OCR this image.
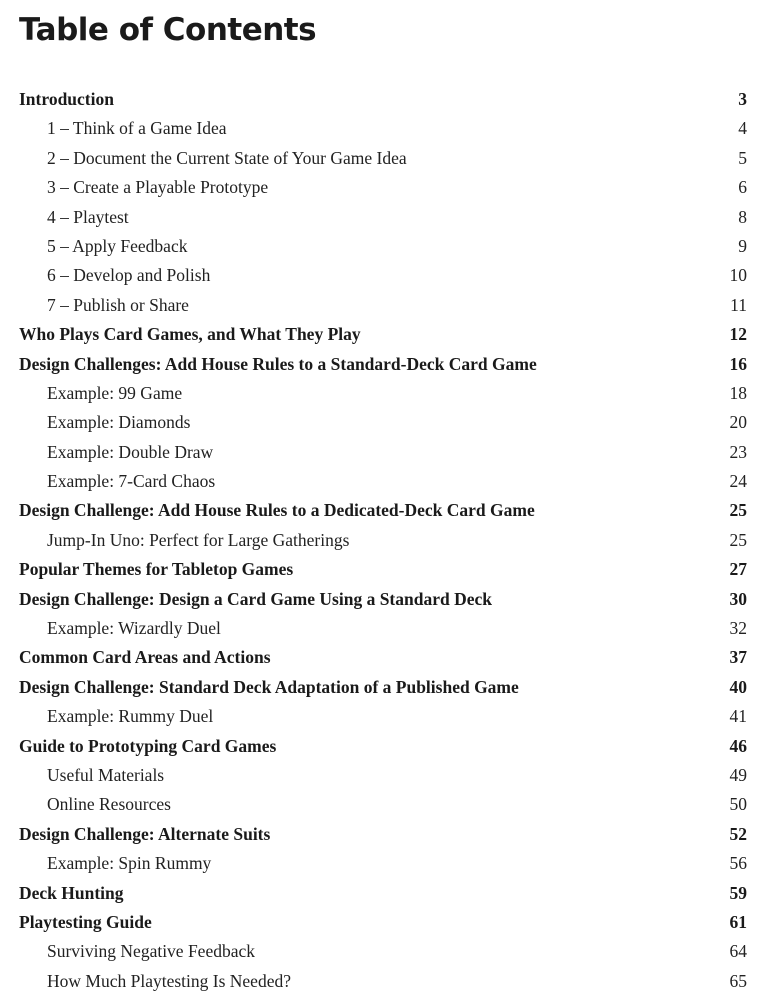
Table of Contents
Introduction	3
1 – Think of a Game Idea	4
2 – Document the Current State of Your Game Idea	5
3 – Create a Playable Prototype	6
4 – Playtest	8
5 – Apply Feedback	9
6 – Develop and Polish	10
7 – Publish or Share	11
Who Plays Card Games, and What They Play	12
Design Challenges: Add House Rules to a Standard-Deck Card Game	16
Example: 99 Game	18
Example: Diamonds	20
Example: Double Draw	23
Example: 7-Card Chaos	24
Design Challenge: Add House Rules to a Dedicated-Deck Card Game	25
Jump-In Uno: Perfect for Large Gatherings	25
Popular Themes for Tabletop Games	27
Design Challenge: Design a Card Game Using a Standard Deck	30
Example: Wizardly Duel	32
Common Card Areas and Actions	37
Design Challenge: Standard Deck Adaptation of a Published Game	40
Example: Rummy Duel	41
Guide to Prototyping Card Games	46
Useful Materials	49
Online Resources	50
Design Challenge: Alternate Suits	52
Example: Spin Rummy	56
Deck Hunting	59
Playtesting Guide	61
Surviving Negative Feedback	64
How Much Playtesting Is Needed?	65
